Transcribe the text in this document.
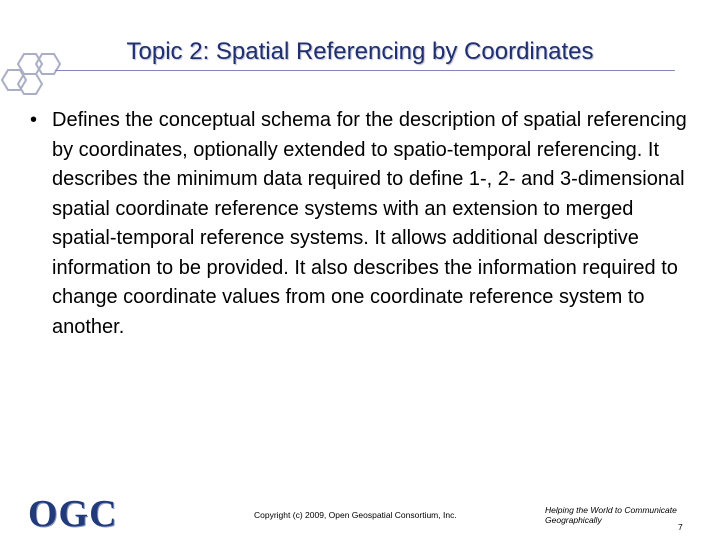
Topic 2: Spatial Referencing by Coordinates
• Defines the conceptual schema for the description of spatial referencing by coordinates, optionally extended to spatio-temporal referencing. It describes the minimum data required to define 1-, 2- and 3-dimensional spatial coordinate reference systems with an extension to merged spatial-temporal reference systems. It allows additional descriptive information to be provided. It also describes the information required to change coordinate values from one coordinate reference system to another.
OGC	Copyright (c) 2009, Open Geospatial Consortium, Inc.	Helping the World to Communicate
Geographically
7
